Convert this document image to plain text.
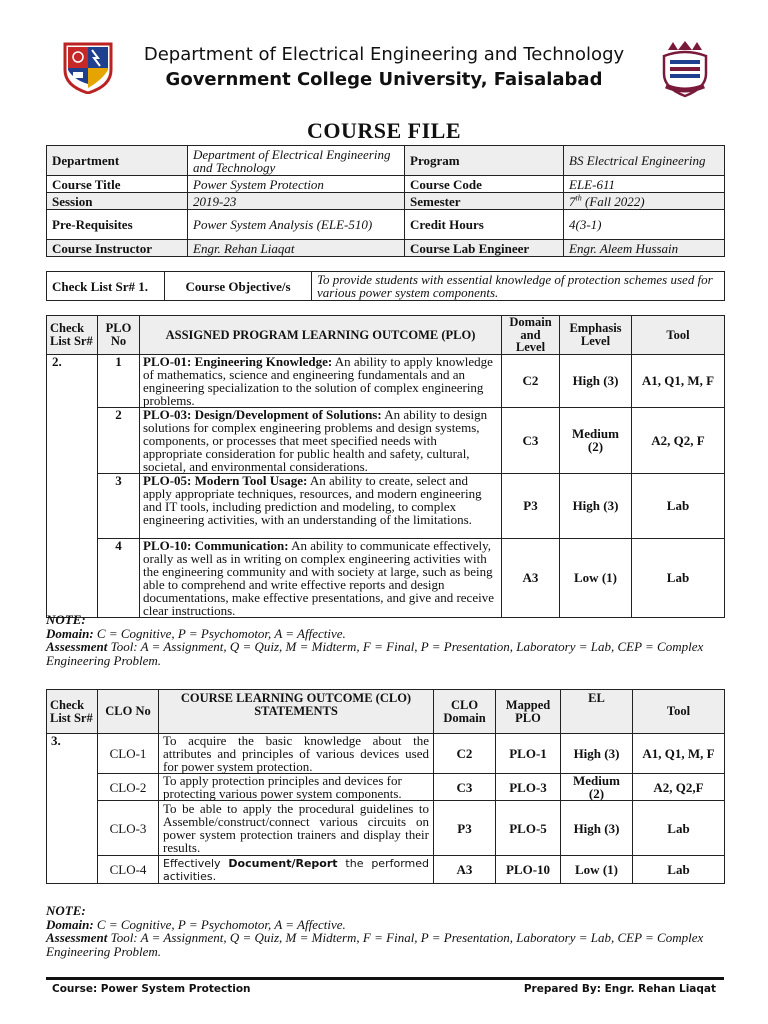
Department of Electrical Engineering and Technology
Government College University, Faisalabad
COURSE FILE
Department	Department of Electrical Engineering and Technology	Program	BS Electrical Engineering
Course Title	Power System Protection	Course Code	ELE-611
Session	2019-23	Semester	7th (Fall 2022)
Pre-Requisites	Power System Analysis (ELE-510)	Credit Hours	4(3-1)
Course Instructor	Engr. Rehan Liaqat	Course Lab Engineer	Engr. Aleem Hussain
Check List Sr# 1.	Course Objective/s	To provide students with essential knowledge of protection schemes used for various power system components.
Check List Sr#	PLO No	ASSIGNED PROGRAM LEARNING OUTCOME (PLO)	Domain and Level	Emphasis Level	Tool
2.	1	PLO-01: Engineering Knowledge: An ability to apply knowledge of mathematics, science and engineering fundamentals and an engineering specialization to the solution of complex engineering problems.	C2	High (3)	A1, Q1, M, F
	2	PLO-03: Design/Development of Solutions: An ability to design solutions for complex engineering problems and design systems, components, or processes that meet specified needs with appropriate consideration for public health and safety, cultural, societal, and environmental considerations.	C3	Medium (2)	A2, Q2, F
	3	PLO-05: Modern Tool Usage: An ability to create, select and apply appropriate techniques, resources, and modern engineering and IT tools, including prediction and modeling, to complex engineering activities, with an understanding of the limitations.	P3	High (3)	Lab
	4	PLO-10: Communication: An ability to communicate effectively, orally as well as in writing on complex engineering activities with the engineering community and with society at large, such as being able to comprehend and write effective reports and design documentations, make effective presentations, and give and receive clear instructions.	A3	Low (1)	Lab
NOTE:
Domain: C = Cognitive, P = Psychomotor, A = Affective.
Assessment Tool: A = Assignment, Q = Quiz, M = Midterm, F = Final, P = Presentation, Laboratory = Lab, CEP = Complex Engineering Problem.
Check List Sr#	CLO No	COURSE LEARNING OUTCOME (CLO) STATEMENTS	CLO Domain	Mapped PLO	EL	Tool
3.	CLO-1	To acquire the basic knowledge about the attributes and principles of various devices used for power system protection.	C2	PLO-1	High (3)	A1, Q1, M, F
	CLO-2	To apply protection principles and devices for protecting various power system components.	C3	PLO-3	Medium (2)	A2, Q2,F
	CLO-3	To be able to apply the procedural guidelines to Assemble/construct/connect various circuits on power system protection trainers and display their results.	P3	PLO-5	High (3)	Lab
	CLO-4	Effectively Document/Report the performed activities.	A3	PLO-10	Low (1)	Lab
NOTE:
Domain: C = Cognitive, P = Psychomotor, A = Affective.
Assessment Tool: A = Assignment, Q = Quiz, M = Midterm, F = Final, P = Presentation, Laboratory = Lab, CEP = Complex Engineering Problem.
Course: Power System Protection	Prepared By: Engr. Rehan Liaqat
